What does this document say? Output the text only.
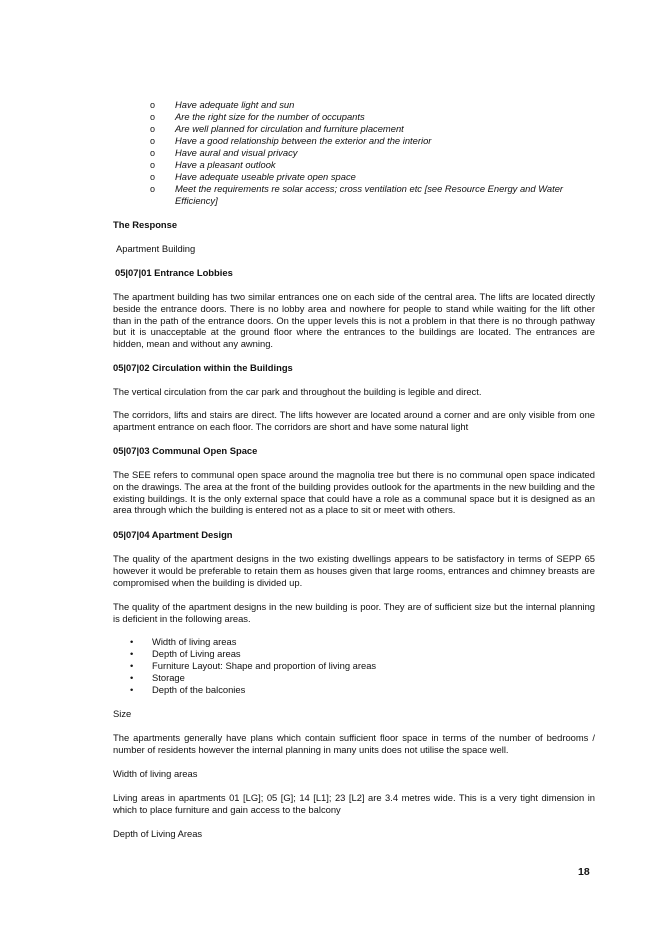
o Have adequate light and sun
o Are the right size for the number of occupants
o Are well planned for circulation and furniture placement
o Have a good relationship between the exterior and the interior
o Have aural and visual privacy
o Have a pleasant outlook
o Have adequate useable private open space
o Meet the requirements re solar access; cross ventilation etc [see Resource Energy and Water Efficiency]

The Response

Apartment Building

05|07|01 Entrance Lobbies

The apartment building has two similar entrances one on each side of the central area. The lifts are located directly beside the entrance doors. There is no lobby area and nowhere for people to stand while waiting for the lift other than in the path of the entrance doors. On the upper levels this is not a problem in that there is no through pathway but it is unacceptable at the ground floor where the entrances to the buildings are located. The entrances are hidden, mean and without any awning.

05|07|02 Circulation within the Buildings

The vertical circulation from the car park and throughout the building is legible and direct.

The corridors, lifts and stairs are direct. The lifts however are located around a corner and are only visible from one apartment entrance on each floor. The corridors are short and have some natural light

05|07|03 Communal Open Space

The SEE refers to communal open space around the magnolia tree but there is no communal open space indicated on the drawings. The area at the front of the building provides outlook for the apartments in the new building and the existing buildings. It is the only external space that could have a role as a communal space but it is designed as an area through which the building is entered not as a place to sit or meet with others.

05|07|04 Apartment Design

The quality of the apartment designs in the two existing dwellings appears to be satisfactory in terms of SEPP 65 however it would be preferable to retain them as houses given that large rooms, entrances and chimney breasts are compromised when the building is divided up.

The quality of the apartment designs in the new building is poor. They are of sufficient size but the internal planning is deficient in the following areas.

• Width of living areas
• Depth of Living areas
• Furniture Layout: Shape and proportion of living areas
• Storage
• Depth of the balconies

Size

The apartments generally have plans which contain sufficient floor space in terms of the number of bedrooms / number of residents however the internal planning in many units does not utilise the space well.

Width of living areas

Living areas in apartments 01 [LG]; 05 [G]; 14 [L1]; 23 [L2] are 3.4 metres wide. This is a very tight dimension in which to place furniture and gain access to the balcony

Depth of Living Areas

18
